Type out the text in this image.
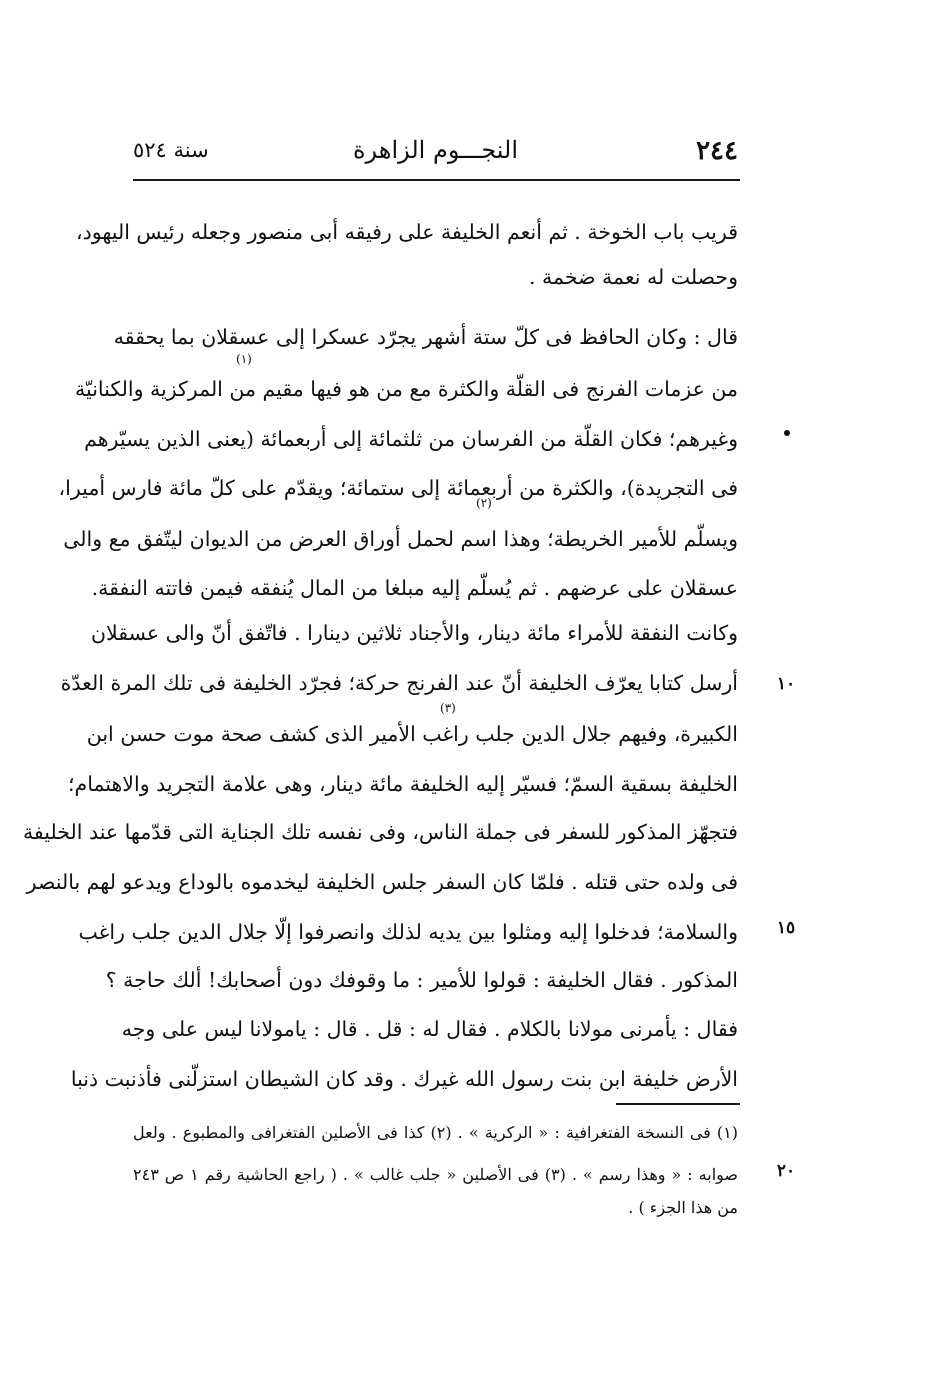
٢٤٤
النجـــوم الزاهرة
سنة ٥٢٤
قريب باب الخوخة . ثم أنعم الخليفة على رفيقه أبى منصور وجعله رئيس اليهود،
وحصلت له نعمة ضخمة .
قال : وكان الحافظ فى كلّ ستة أشهر يجرّد عسكرا إلى عسقلان بما يحققه
من عزمات الفرنج فى القلّة والكثرة مع من هو فيها مقيم من المركزية والكنانيّة
وغيرهم؛ فكان القلّة من الفرسان من ثلثمائة إلى أربعمائة (يعنى الذين يسيّرهم
فى التجريدة)، والكثرة من أربعمائة إلى ستمائة؛ ويقدّم على كلّ مائة فارس أميرا،
ويسلّم للأمير الخريطة؛ وهذا اسم لحمل أوراق العرض من الديوان ليتّفق مع والى
عسقلان على عرضهم . ثم يُسلّم إليه مبلغا من المال يُنفقه فيمن فاتته النفقة.
وكانت النفقة للأمراء مائة دينار، والأجناد ثلاثين دينارا . فاتّفق أنّ والى عسقلان
أرسل كتابا يعرّف الخليفة أنّ عند الفرنج حركة؛ فجرّد الخليفة فى تلك المرة العدّة
الكبيرة، وفيهم جلال الدين جلب راغب الأمير الذى كشف صحة موت حسن ابن
الخليفة بسقية السمّ؛ فسيّر إليه الخليفة مائة دينار، وهى علامة التجريد والاهتمام؛
فتجهّز المذكور للسفر فى جملة الناس، وفى نفسه تلك الجناية التى قدّمها عند الخليفة
فى ولده حتى قتله . فلمّا كان السفر جلس الخليفة ليخدموه بالوداع ويدعو لهم بالنصر
والسلامة؛ فدخلوا إليه ومثلوا بين يديه لذلك وانصرفوا إلّا جلال الدين جلب راغب
المذكور . فقال الخليفة : قولوا للأمير : ما وقوفك دون أصحابك! ألك حاجة ؟
فقال : يأمرنى مولانا بالكلام . فقال له : قل . قال : يامولانا ليس على وجه
الأرض خليفة ابن بنت رسول الله غيرك . وقد كان الشيطان استزلّنى فأذنبت ذنبا
(١)
(٢)
(٣)
١٠
١٥
٢٠
(١) فى النسخة الفتغرافية : « الركرية » . (٢) كذا فى الأصلين الفتغرافى والمطبوع . ولعل
صوابه : « وهذا رسم » . (٣) فى الأصلين « جلب غالب » . ( راجع الحاشية رقم ١ ص ٢٤٣
من هذا الجزء ) .
